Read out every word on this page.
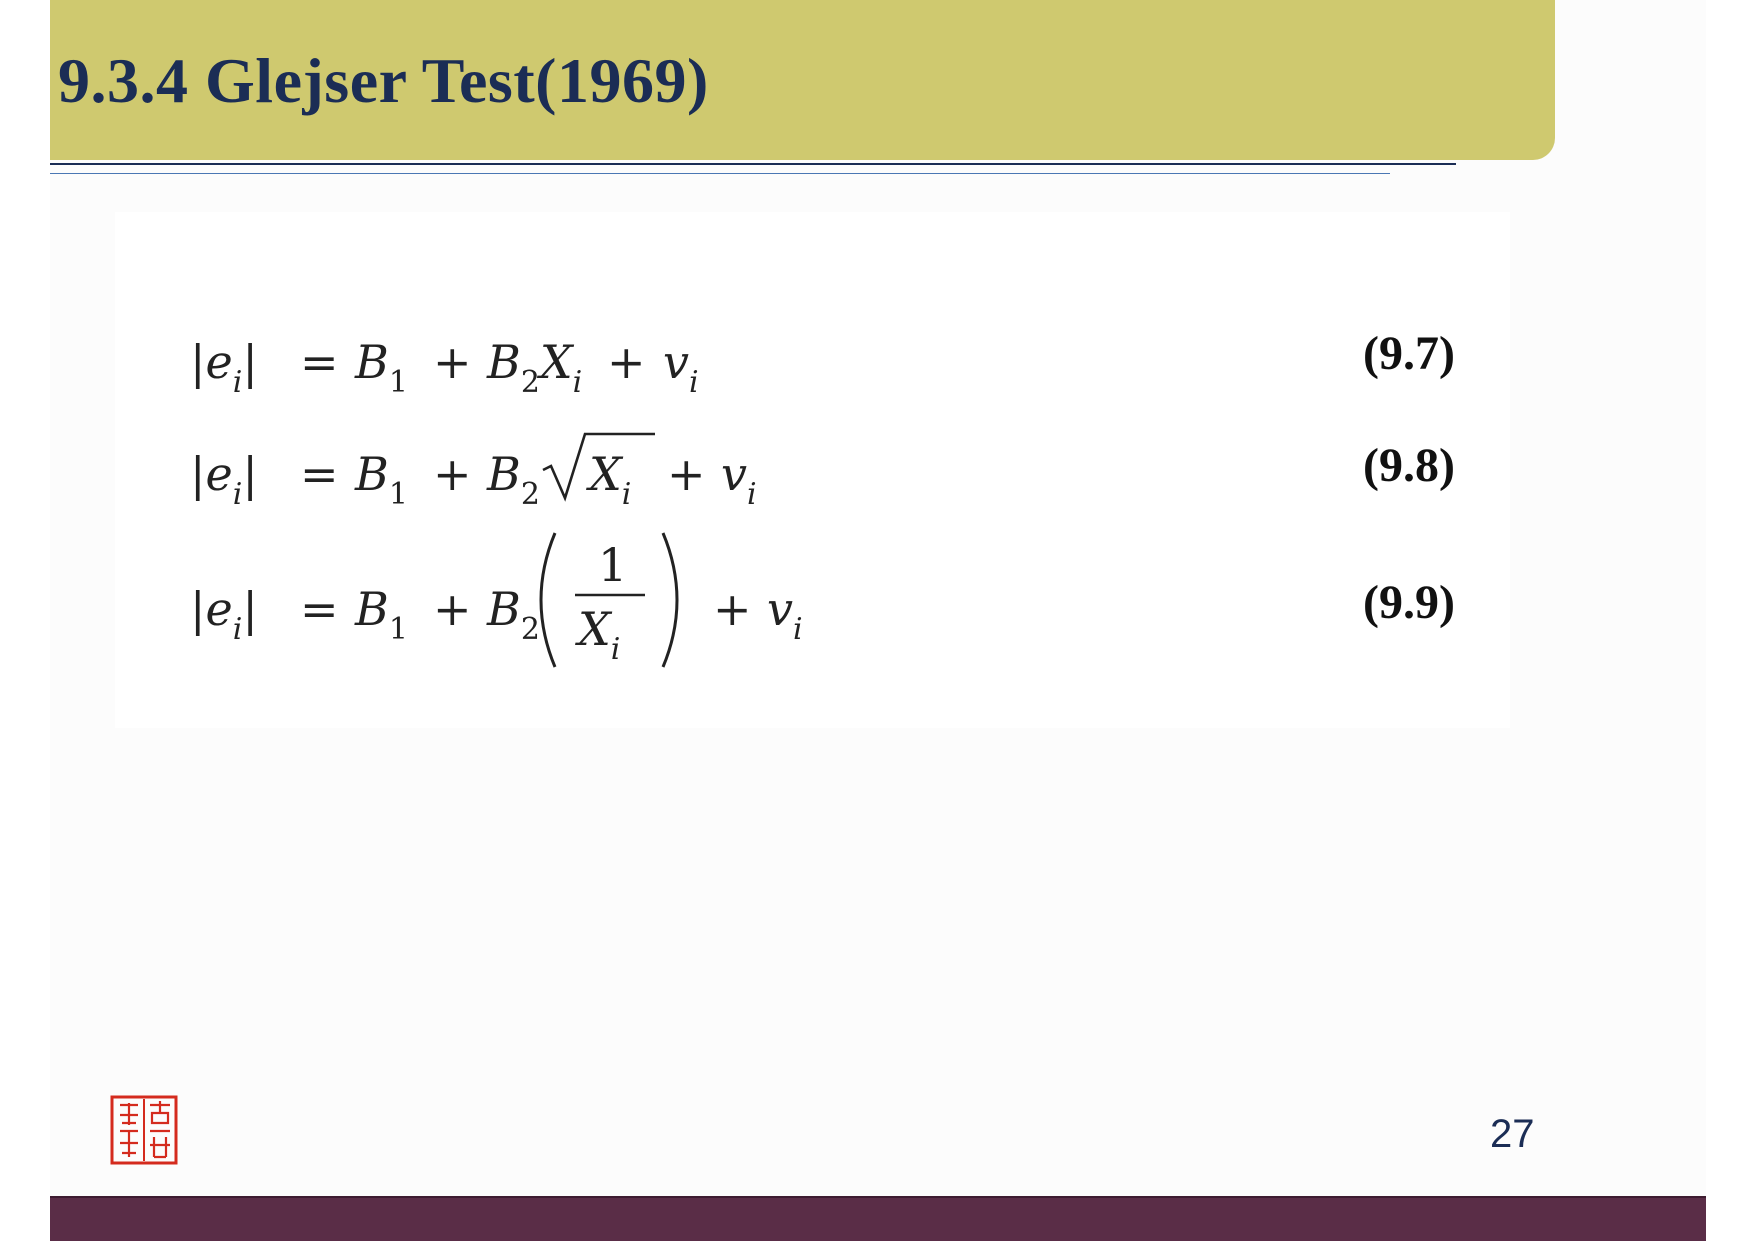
9.3.4 Glejser Test(1969)
$|e_i| = B_1 + B_2X_i + v_i$
(9.7)
$|e_i| = B_1 + B_2$ $X_i + v_i$
(9.8)
$|e_i| = B_1 + B_2$
1
$X_i$
+ $v_i$
(9.9)
27
